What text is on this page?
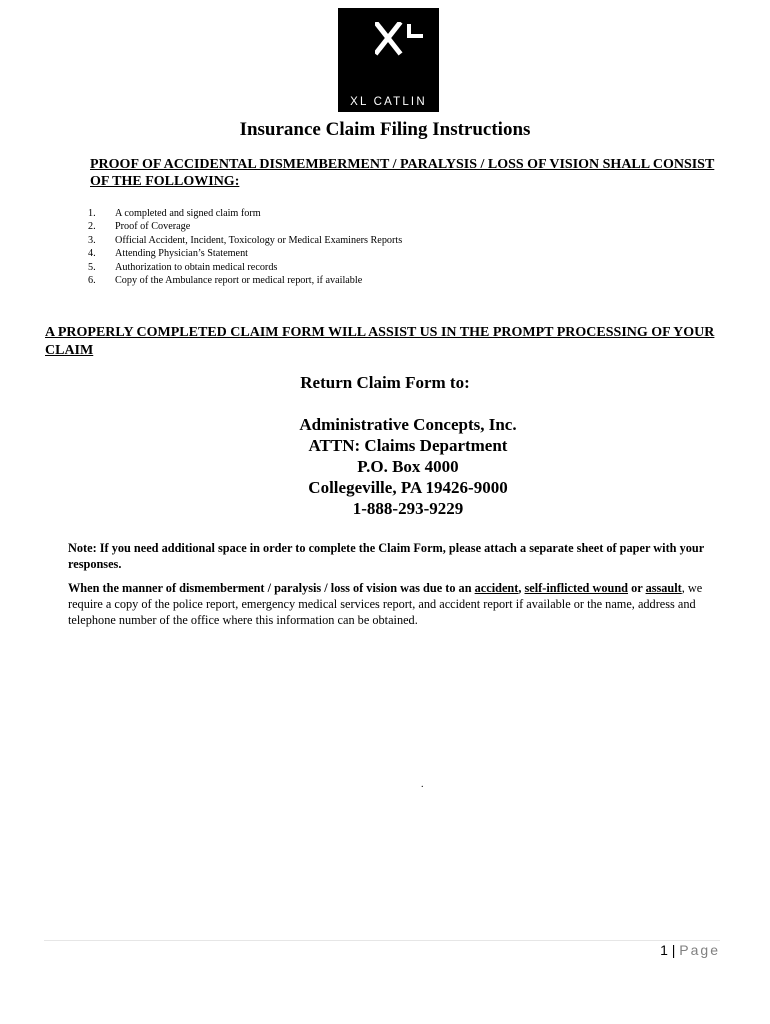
XL CATLIN
Insurance Claim Filing Instructions
PROOF OF ACCIDENTAL DISMEMBERMENT / PARALYSIS / LOSS OF VISION SHALL CONSIST OF THE FOLLOWING:
1.	A completed and signed claim form
2.	Proof of Coverage
3.	Official Accident, Incident, Toxicology or Medical Examiners Reports
4.	Attending Physician’s Statement
5.	Authorization to obtain medical records
6.	Copy of the Ambulance report or medical report, if available
A PROPERLY COMPLETED CLAIM FORM WILL ASSIST US IN THE PROMPT PROCESSING OF YOUR CLAIM
Return Claim Form to:
Administrative Concepts, Inc.
ATTN: Claims Department
P.O. Box 4000
Collegeville, PA 19426-9000
1-888-293-9229
Note: If you need additional space in order to complete the Claim Form, please attach a separate sheet of paper with your responses.
When the manner of dismemberment / paralysis / loss of vision was due to an accident, self-inflicted wound or assault, we require a copy of the police report, emergency medical services report, and accident report if available or the name, address and telephone number of the office where this information can be obtained.
.
1 | Page
